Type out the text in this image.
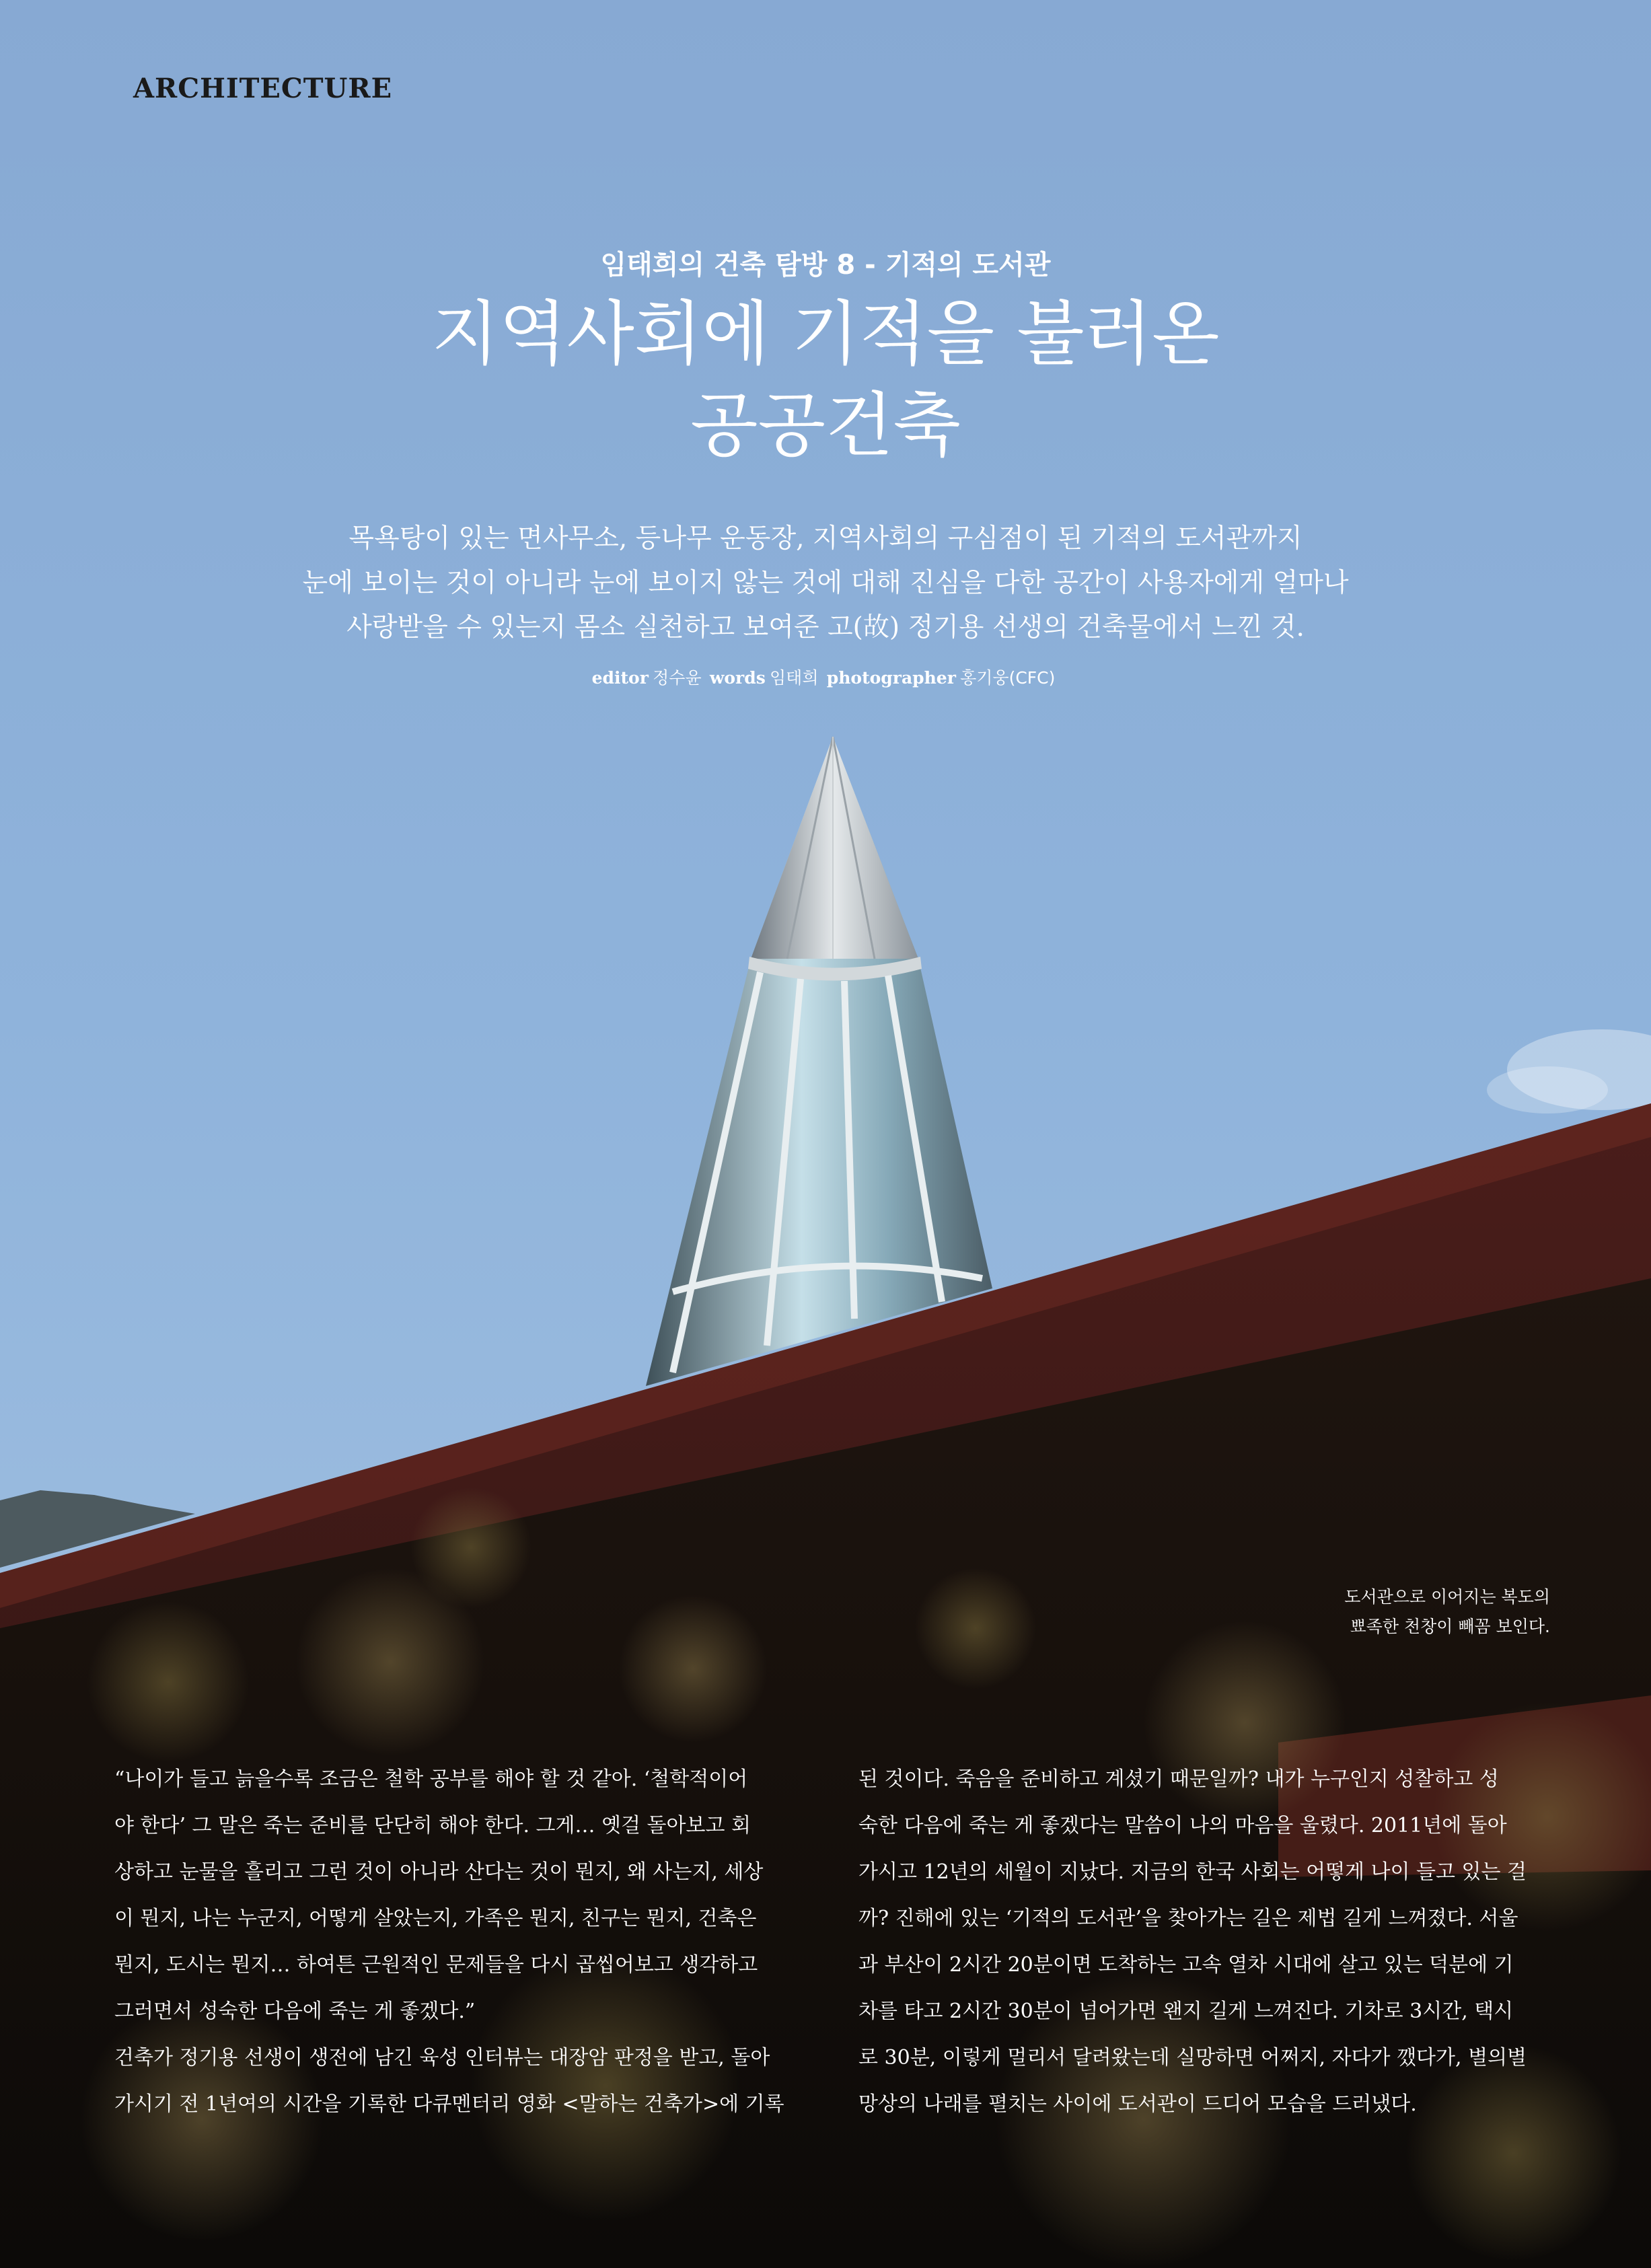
ARCHITECTURE
임태희의 건축 탐방 8 - 기적의 도서관
지역사회에 기적을 불러온
공공건축
목욕탕이 있는 면사무소, 등나무 운동장, 지역사회의 구심점이 된 기적의 도서관까지
눈에 보이는 것이 아니라 눈에 보이지 않는 것에 대해 진심을 다한 공간이 사용자에게 얼마나
사랑받을 수 있는지 몸소 실천하고 보여준 고(故) 정기용 선생의 건축물에서 느낀 것.
editor 정수윤 words 임태희 photographer 홍기웅(CFC)
도서관으로 이어지는 복도의
뾰족한 천창이 빼꼼 보인다.
“나이가 들고 늙을수록 조금은 철학 공부를 해야 할 것 같아. ‘철학적이어
야 한다’ 그 말은 죽는 준비를 단단히 해야 한다. 그게… 옛걸 돌아보고 회
상하고 눈물을 흘리고 그런 것이 아니라 산다는 것이 뭔지, 왜 사는지, 세상
이 뭔지, 나는 누군지, 어떻게 살았는지, 가족은 뭔지, 친구는 뭔지, 건축은
뭔지, 도시는 뭔지… 하여튼 근원적인 문제들을 다시 곱씹어보고 생각하고
그러면서 성숙한 다음에 죽는 게 좋겠다.”
건축가 정기용 선생이 생전에 남긴 육성 인터뷰는 대장암 판정을 받고, 돌아
가시기 전 1년여의 시간을 기록한 다큐멘터리 영화 <말하는 건축가>에 기록
된 것이다. 죽음을 준비하고 계셨기 때문일까? 내가 누구인지 성찰하고 성
숙한 다음에 죽는 게 좋겠다는 말씀이 나의 마음을 울렸다. 2011년에 돌아
가시고 12년의 세월이 지났다. 지금의 한국 사회는 어떻게 나이 들고 있는 걸
까? 진해에 있는 ‘기적의 도서관’을 찾아가는 길은 제법 길게 느껴졌다. 서울
과 부산이 2시간 20분이면 도착하는 고속 열차 시대에 살고 있는 덕분에 기
차를 타고 2시간 30분이 넘어가면 왠지 길게 느껴진다. 기차로 3시간, 택시
로 30분, 이렇게 멀리서 달려왔는데 실망하면 어쩌지, 자다가 깼다가, 별의별
망상의 나래를 펼치는 사이에 도서관이 드디어 모습을 드러냈다.
